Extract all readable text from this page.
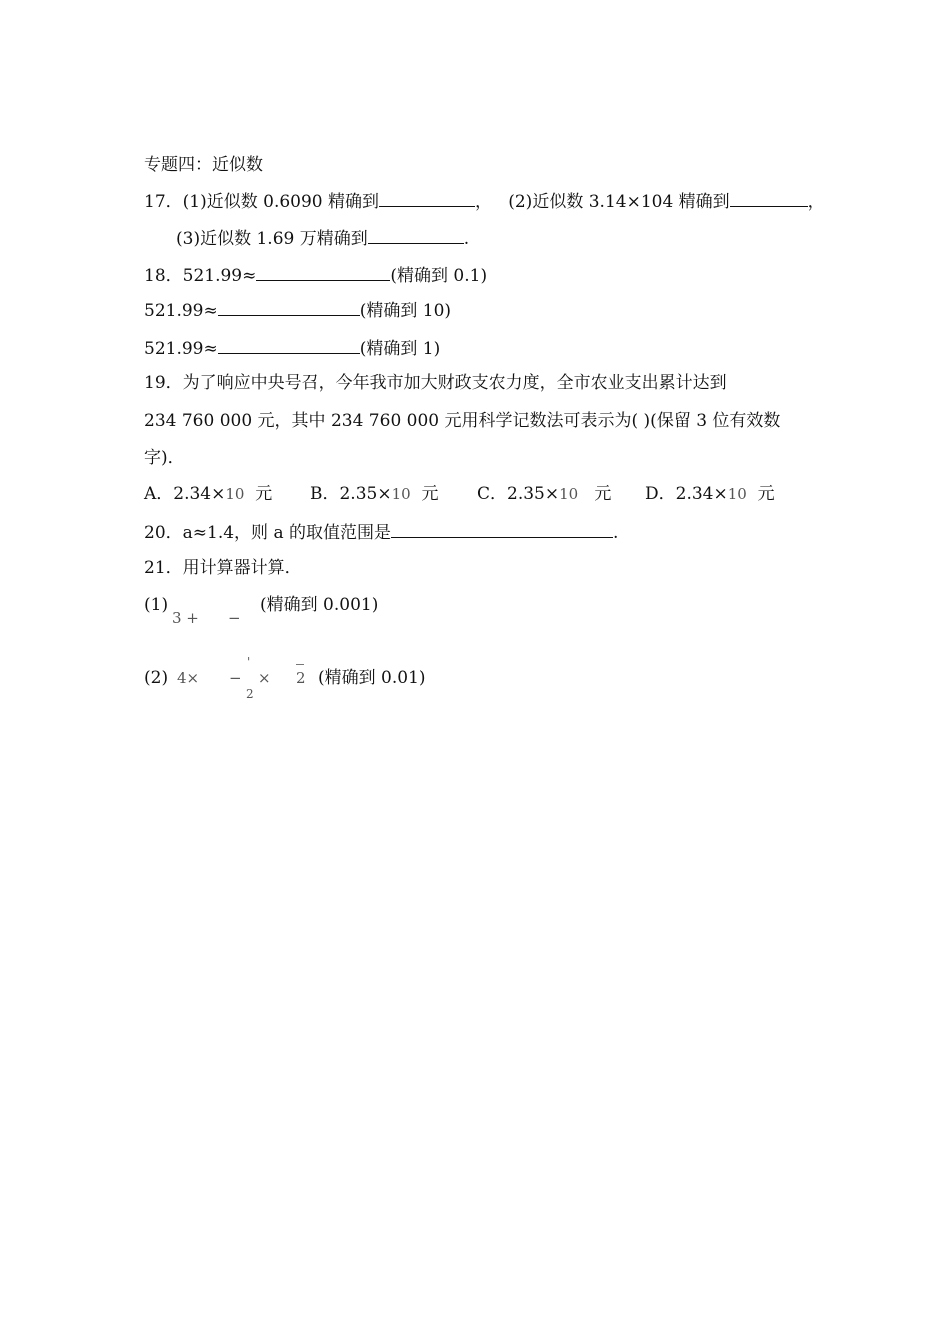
专题四：近似数
17．(1)近似数 0.6090 精确到	， (2)近似数 3.14×104 精确到	，
(3)近似数 1.69 万精确到	.
18．521.99≈	(精确到 0.1)
521.99≈	(精确到 10)
521.99≈	(精确到 1)
19．为了响应中央号召，今年我市加大财政支农力度，全市农业支出累计达到
234 760 000 元，其中 234 760 000 元用科学记数法可表示为( )(保留 3 位有效数
字)．
A．2.34×10 元 B．2.35×10 元 C．2.35×10 元 D．2.34×10 元
20．a≈1.4，则 a 的取值范围是	.
21．用计算器计算．
(1)
3 + −
(精确到 0.001)
(2) 4×
'
−
2
× 2 (精确到 0.01)
